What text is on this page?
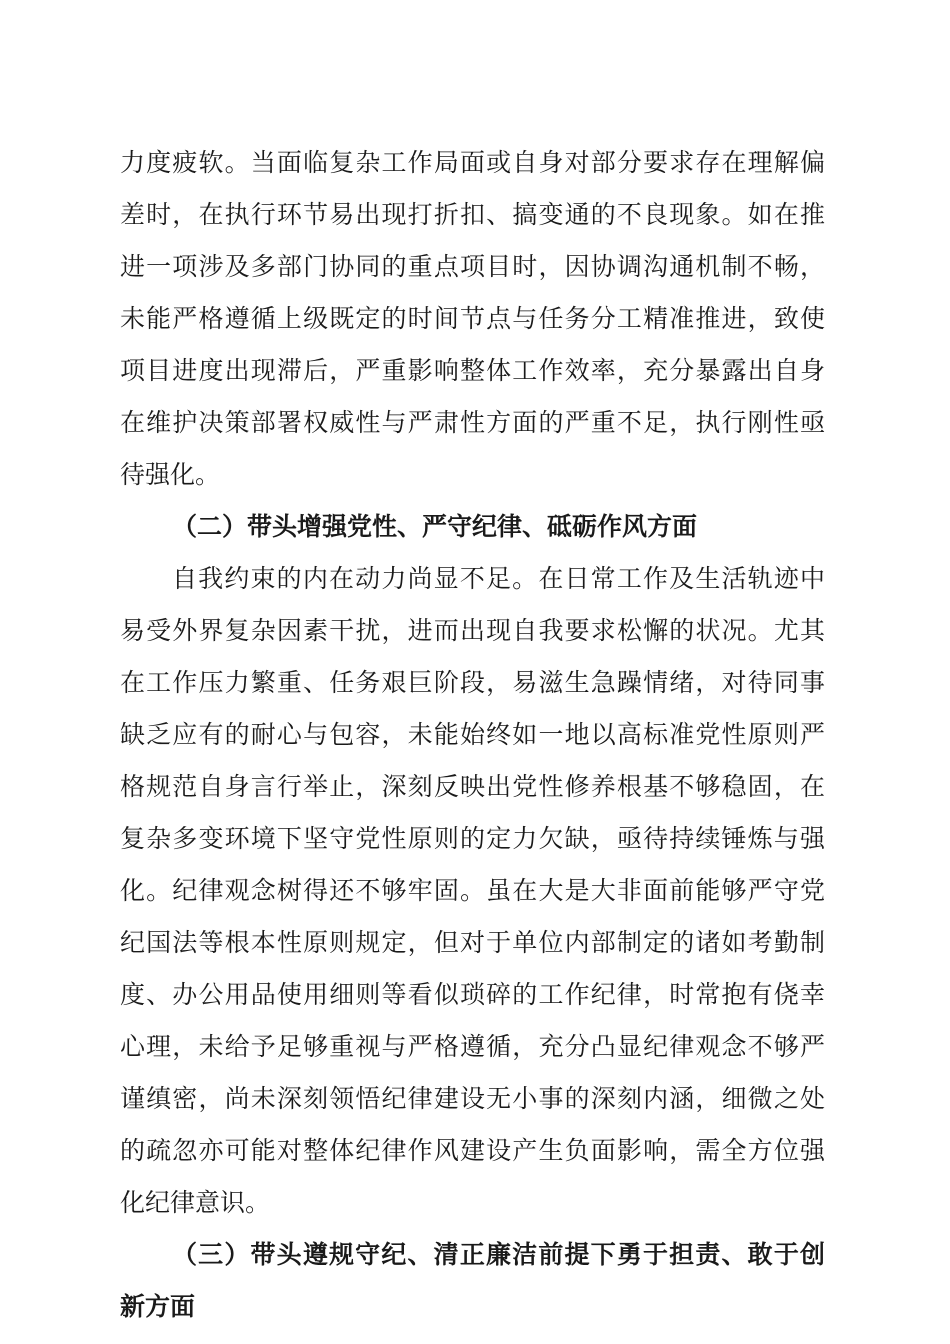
力度疲软。当面临复杂工作局面或自身对部分要求存在理解偏
差时，在执行环节易出现打折扣、搞变通的不良现象。如在推
进一项涉及多部门协同的重点项目时，因协调沟通机制不畅，
未能严格遵循上级既定的时间节点与任务分工精准推进，致使
项目进度出现滞后，严重影响整体工作效率，充分暴露出自身
在维护决策部署权威性与严肃性方面的严重不足，执行刚性亟
待强化。
（二）带头增强党性、严守纪律、砥砺作风方面
自我约束的内在动力尚显不足。在日常工作及生活轨迹中
易受外界复杂因素干扰，进而出现自我要求松懈的状况。尤其
在工作压力繁重、任务艰巨阶段，易滋生急躁情绪，对待同事
缺乏应有的耐心与包容，未能始终如一地以高标准党性原则严
格规范自身言行举止，深刻反映出党性修养根基不够稳固，在
复杂多变环境下坚守党性原则的定力欠缺，亟待持续锤炼与强
化。纪律观念树得还不够牢固。虽在大是大非面前能够严守党
纪国法等根本性原则规定，但对于单位内部制定的诸如考勤制
度、办公用品使用细则等看似琐碎的工作纪律，时常抱有侥幸
心理，未给予足够重视与严格遵循，充分凸显纪律观念不够严
谨缜密，尚未深刻领悟纪律建设无小事的深刻内涵，细微之处
的疏忽亦可能对整体纪律作风建设产生负面影响，需全方位强
化纪律意识。
（三）带头遵规守纪、清正廉洁前提下勇于担责、敢于创
新方面
